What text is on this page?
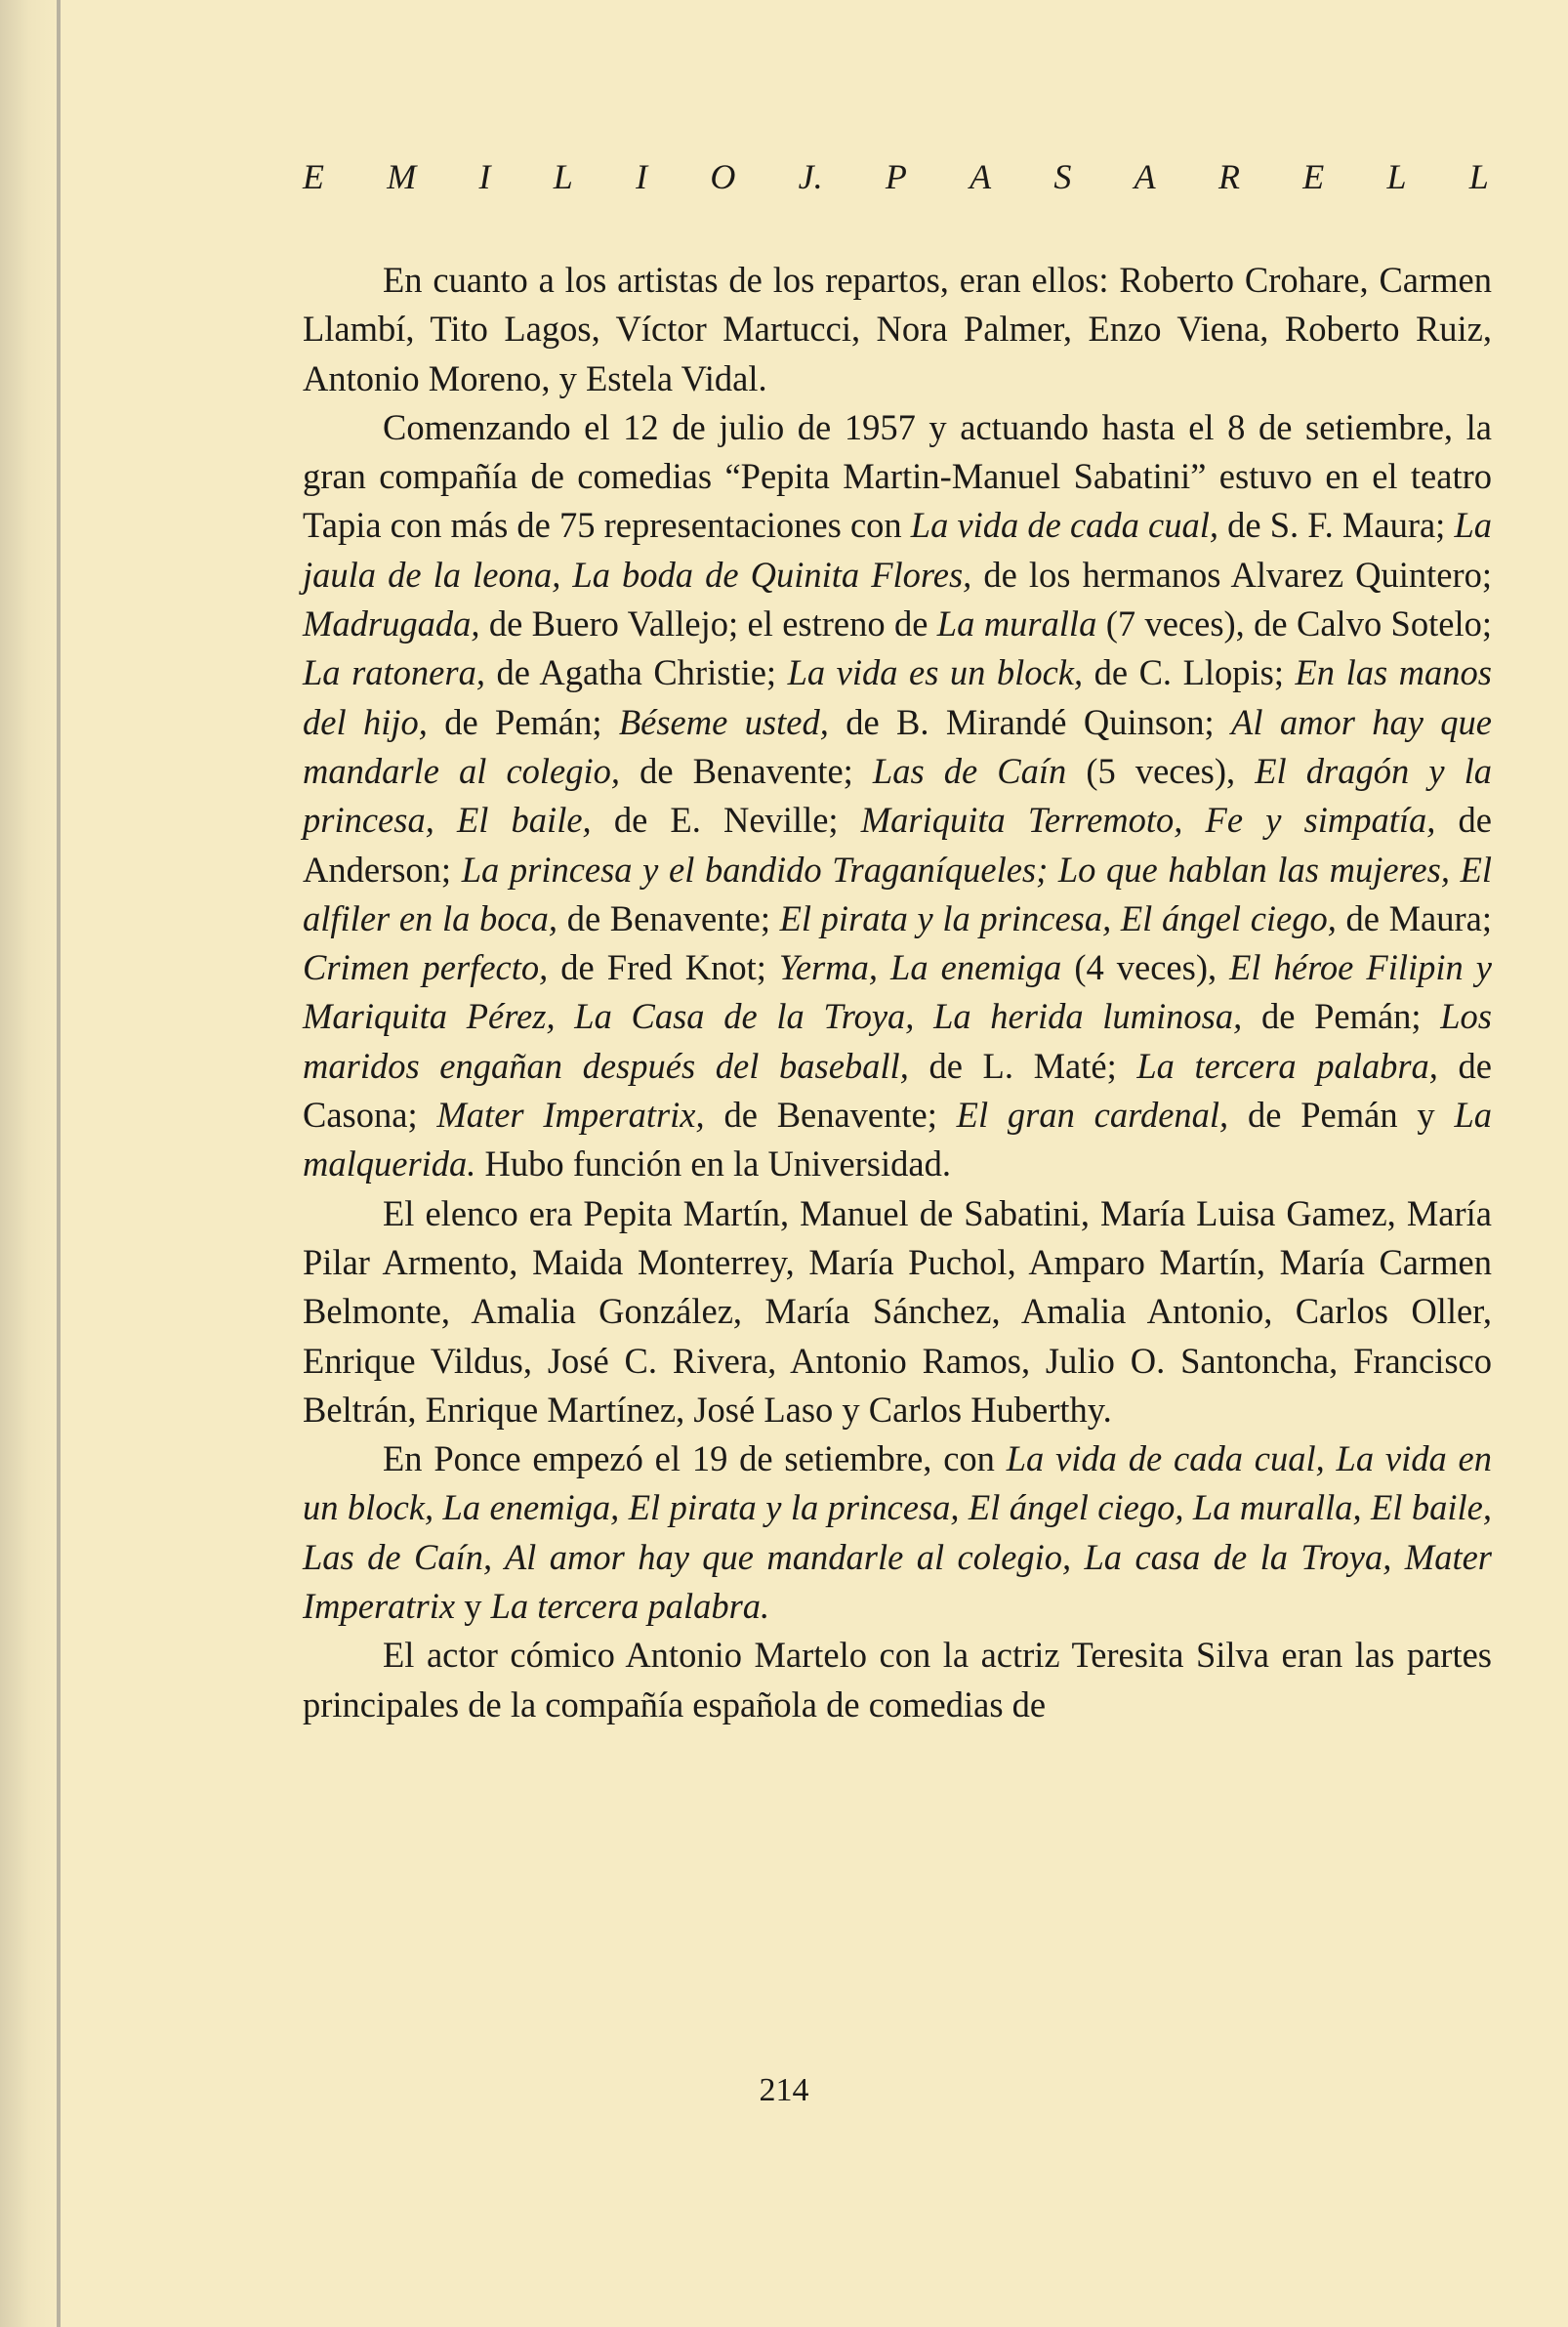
E M I L I O J. P A S A R E L L

En cuanto a los artistas de los repartos, eran ellos: Roberto Crohare, Carmen Llambí, Tito Lagos, Víctor Martucci, Nora Palmer, Enzo Viena, Roberto Ruiz, Antonio Moreno, y Estela Vidal.

Comenzando el 12 de julio de 1957 y actuando hasta el 8 de setiembre, la gran compañía de comedias “Pepita Martin-Manuel Sabatini” estuvo en el teatro Tapia con más de 75 representaciones con La vida de cada cual, de S. F. Maura; La jaula de la leona, La boda de Quinita Flores, de los hermanos Alvarez Quintero; Madrugada, de Buero Vallejo; el estreno de La muralla (7 veces), de Calvo Sotelo; La ratonera, de Agatha Christie; La vida es un block, de C. Llopis; En las manos del hijo, de Pemán; Béseme usted, de B. Mirandé Quinson; Al amor hay que mandarle al colegio, de Benavente; Las de Caín (5 veces), El dragón y la princesa, El baile, de E. Neville; Mariquita Terremoto, Fe y simpatía, de Anderson; La princesa y el bandido Traganíqueles; Lo que hablan las mujeres, El alfiler en la boca, de Benavente; El pirata y la princesa, El ángel ciego, de Maura; Crimen perfecto, de Fred Knot; Yerma, La enemiga (4 veces), El héroe Filipin y Mariquita Pérez, La Casa de la Troya, La herida luminosa, de Pemán; Los maridos engañan después del baseball, de L. Maté; La tercera palabra, de Casona; Mater Imperatrix, de Benavente; El gran cardenal, de Pemán y La malquerida. Hubo función en la Universidad.

El elenco era Pepita Martín, Manuel de Sabatini, María Luisa Gamez, María Pilar Armento, Maida Monterrey, María Puchol, Amparo Martín, María Carmen Belmonte, Amalia González, María Sánchez, Amalia Antonio, Carlos Oller, Enrique Vildus, José C. Rivera, Antonio Ramos, Julio O. Santoncha, Francisco Beltrán, Enrique Martínez, José Laso y Carlos Huberthy.

En Ponce empezó el 19 de setiembre, con La vida de cada cual, La vida en un block, La enemiga, El pirata y la princesa, El ángel ciego, La muralla, El baile, Las de Caín, Al amor hay que mandarle al colegio, La casa de la Troya, Mater Imperatrix y La tercera palabra.

El actor cómico Antonio Martelo con la actriz Teresita Silva eran las partes principales de la compañía española de comedias de

214
